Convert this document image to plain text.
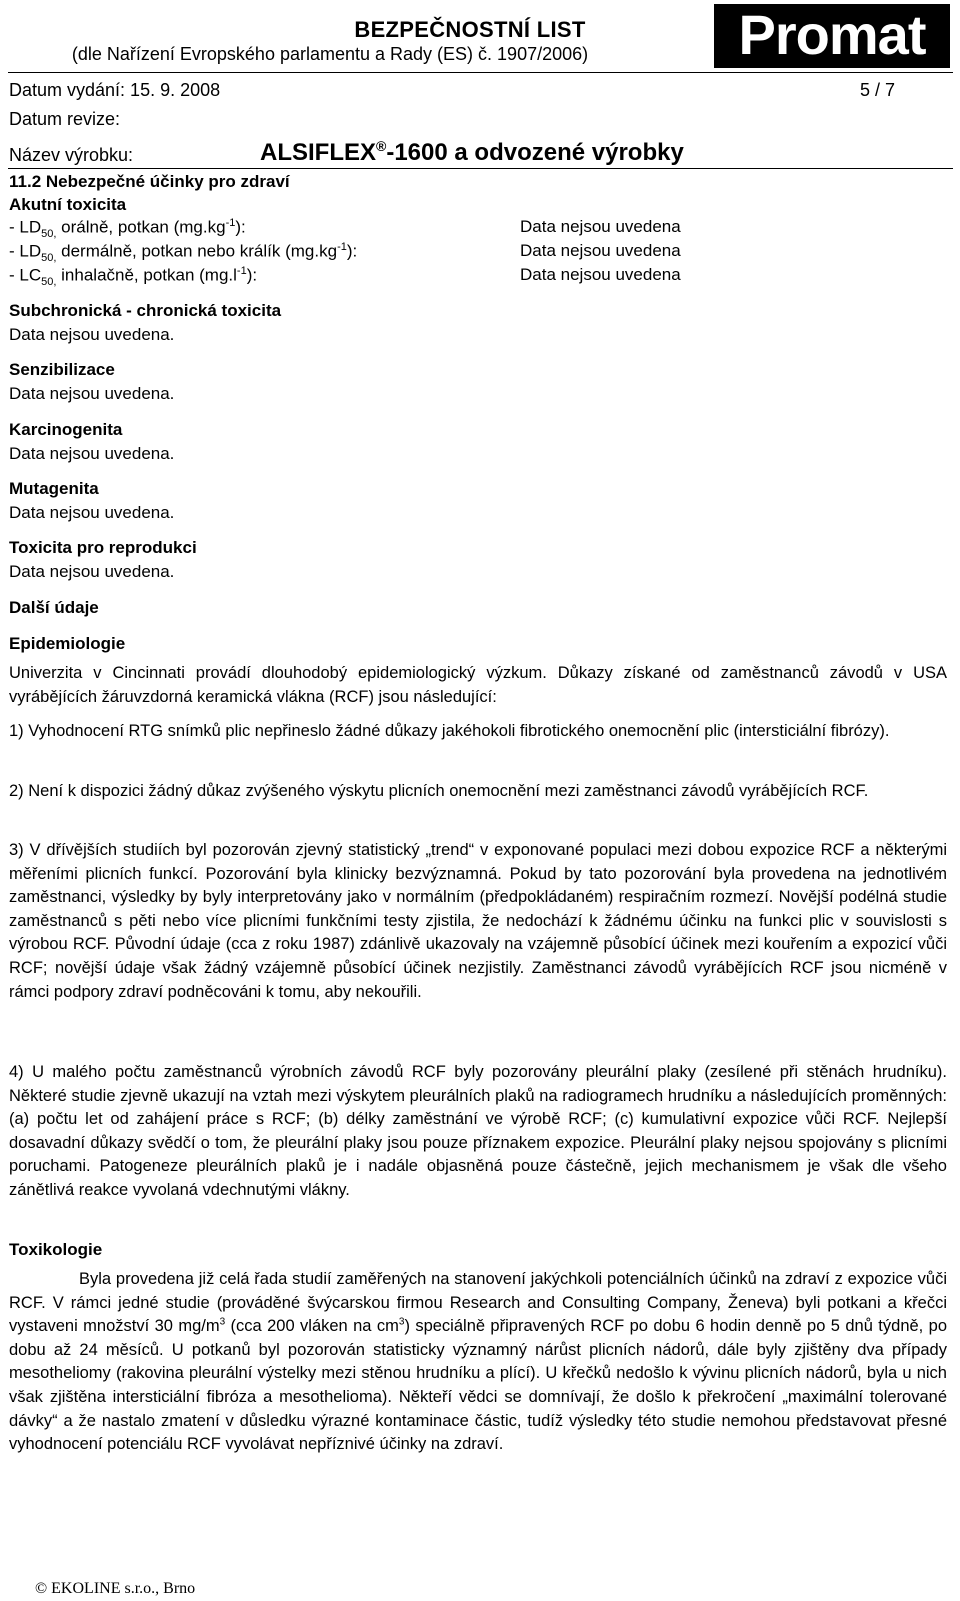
BEZPEČNOSTNÍ LIST
(dle Nařízení Evropského parlamentu a Rady (ES) č. 1907/2006)	Promat
Datum vydání: 15. 9. 2008	5 / 7
Datum revize:
Název výrobku:	ALSIFLEX®-1600 a odvozené výrobky
11.2 Nebezpečné účinky pro zdraví
Akutní toxicita
- $LD_{50,}$ orálně, potkan $(mg.kg^{-1})$:	Data nejsou uvedena
- $LD_{50,}$ dermálně, potkan nebo králík $(mg.kg^{-1})$:	Data nejsou uvedena
- $LC_{50,}$ inhalačně, potkan $(mg.l^{-1})$:	Data nejsou uvedena
Subchronická - chronická toxicita
Data nejsou uvedena.
Senzibilizace
Data nejsou uvedena.
Karcinogenita
Data nejsou uvedena.
Mutagenita
Data nejsou uvedena.
Toxicita pro reprodukci
Data nejsou uvedena.
Další údaje
Epidemiologie
Univerzita v Cincinnati provádí dlouhodobý epidemiologický výzkum. Důkazy získané od zaměstnanců závodů v USA vyrábějících žáruvzdorná keramická vlákna (RCF) jsou následující:
1) Vyhodnocení RTG snímků plic nepřineslo žádné důkazy jakéhokoli fibrotického onemocnění plic (intersticiální fibrózy).
2) Není k dispozici žádný důkaz zvýšeného výskytu plicních onemocnění mezi zaměstnanci závodů vyrábějících RCF.
3) V dřívějších studiích byl pozorován zjevný statistický „trend“ v exponované populaci mezi dobou expozice RCF a některými měřeními plicních funkcí. Pozorování byla klinicky bezvýznamná. Pokud by tato pozorování byla provedena na jednotlivém zaměstnanci, výsledky by byly interpretovány jako v normálním (předpokládaném) respiračním rozmezí. Novější podélná studie zaměstnanců s pěti nebo více plicními funkčními testy zjistila, že nedochází k žádnému účinku na funkci plic v souvislosti s výrobou RCF. Původní údaje (cca z roku 1987) zdánlivě ukazovaly na vzájemně působící účinek mezi kouřením a expozicí vůči RCF; novější údaje však žádný vzájemně působící účinek nezjistily. Zaměstnanci závodů vyrábějících RCF jsou nicméně v rámci podpory zdraví podněcováni k tomu, aby nekouřili.
4) U malého počtu zaměstnanců výrobních závodů RCF byly pozorovány pleurální plaky (zesílené při stěnách hrudníku). Některé studie zjevně ukazují na vztah mezi výskytem pleurálních plaků na radiogramech hrudníku a následujících proměnných: (a) počtu let od zahájení práce s RCF; (b) délky zaměstnání ve výrobě RCF; (c) kumulativní expozice vůči RCF. Nejlepší dosavadní důkazy svědčí o tom, že pleurální plaky jsou pouze příznakem expozice. Pleurální plaky nejsou spojovány s plicními poruchami. Patogeneze pleurálních plaků je i nadále objasněná pouze částečně, jejich mechanismem je však dle všeho zánětlivá reakce vyvolaná vdechnutými vlákny.
Toxikologie
Byla provedena již celá řada studií zaměřených na stanovení jakýchkoli potenciálních účinků na zdraví z expozice vůči RCF. V rámci jedné studie (prováděné švýcarskou firmou Research and Consulting Company, Ženeva) byli potkani a křečci vystaveni množství 30 $mg/m^3$ (cca 200 vláken na $cm^3$) speciálně připravených RCF po dobu 6 hodin denně po 5 dnů týdně, po dobu až 24 měsíců. U potkanů byl pozorován statisticky významný nárůst plicních nádorů, dále byly zjištěny dva případy mesotheliomy (rakovina pleurální výstelky mezi stěnou hrudníku a plící). U křečků nedošlo k vývinu plicních nádorů, byla u nich však zjištěna intersticiální fibróza a mesothelioma). Někteří vědci se domnívají, že došlo k překročení „maximální tolerované dávky“ a že nastalo zmatení v důsledku výrazné kontaminace částic, tudíž výsledky této studie nemohou představovat přesné vyhodnocení potenciálu RCF vyvolávat nepříznivé účinky na zdraví.
© EKOLINE s.r.o., Brno
